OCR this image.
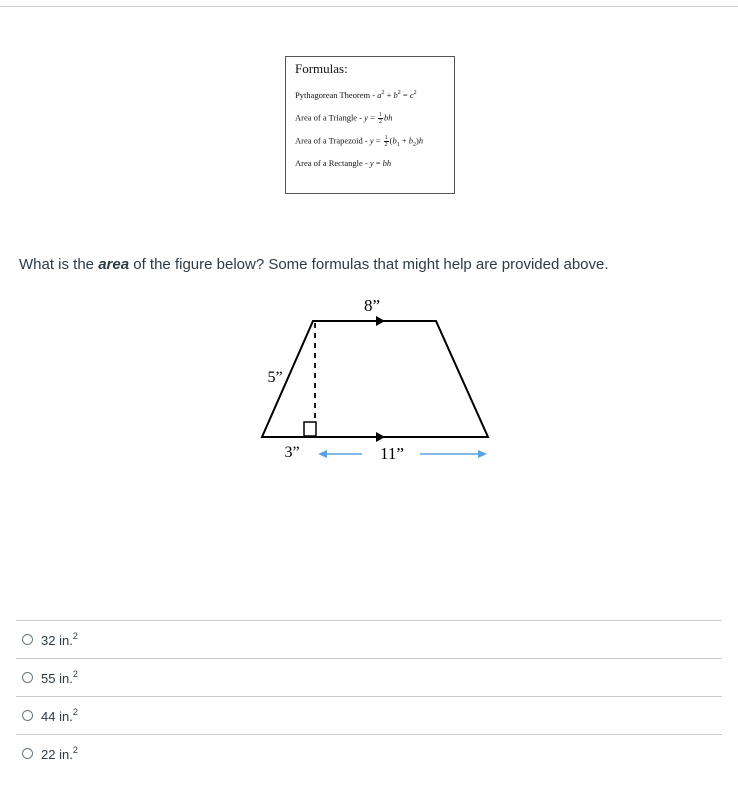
Formulas:
Pythagorean Theorem - $a^2 + b^2 = c^2$
Area of a Triangle - $y = \frac{1}{2}$ bh
Area of a Trapezoid - $y = \frac{1}{2} (b_1 + b_2)h$
Area of a Rectangle - y = bh
What is the area of the figure below? Some formulas that might help are provided above.
8”
5”
3”	11”
32 in.$^2$
55 in.$^2$
44 in.$^2$
22 in.$^2$
